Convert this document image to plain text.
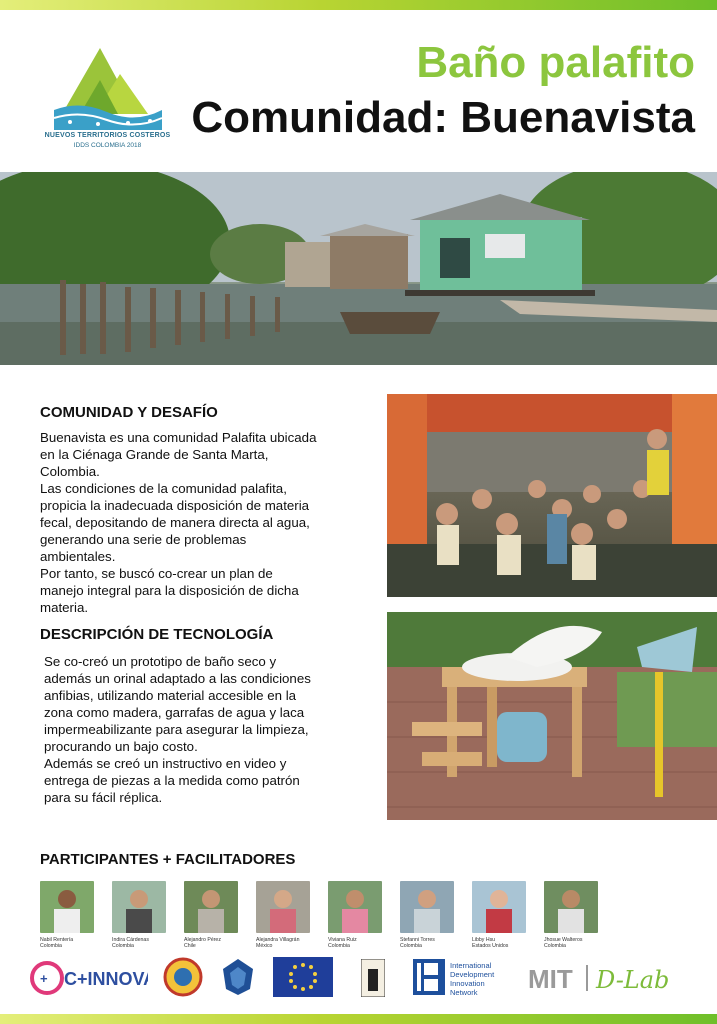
NUEVOS TERRITORIOS COSTEROS
IDDS COLOMBIA 2018
Baño palafito
Comunidad: Buenavista
COMUNIDAD Y DESAFÍO

Buenavista es una comunidad Palafita ubicada

en la Ciénaga Grande de Santa Marta,

Colombia.

Las condiciones de la comunidad palafita,

propicia la inadecuada disposición de materia

fecal, depositando de manera directa al agua,

generando una serie de problemas

ambientales.

Por tanto, se buscó co-crear un plan de

manejo integral para la disposición de dicha

materia.

DESCRIPCIÓN DE TECNOLOGÍA

Se co-creó un prototipo de baño seco y

además un orinal adaptado a las condiciones

anfibias, utilizando material accesible en la

zona como madera, garrafas de agua y laca

impermeabilizante para asegurar la limpieza,

procurando un bajo costo.

Además se creó un instructivo en video y

entrega de piezas a la medida como patrón

para su fácil réplica.

PARTICIPANTES + FACILITADORES
Nabil Rentería
Colombia
Indira Cárdenas
Colombia
Alejandro Pérez
Chile
Alejandra Villagrán
México
Viviana Ruiz
Colombia
Stefanni Torres
Colombia
Libby Hsu
Estados Unidos
Jhosue Walteros
Colombia
+ C+INNOVA
International
Development
Innovation
Network MIT D-Lab
